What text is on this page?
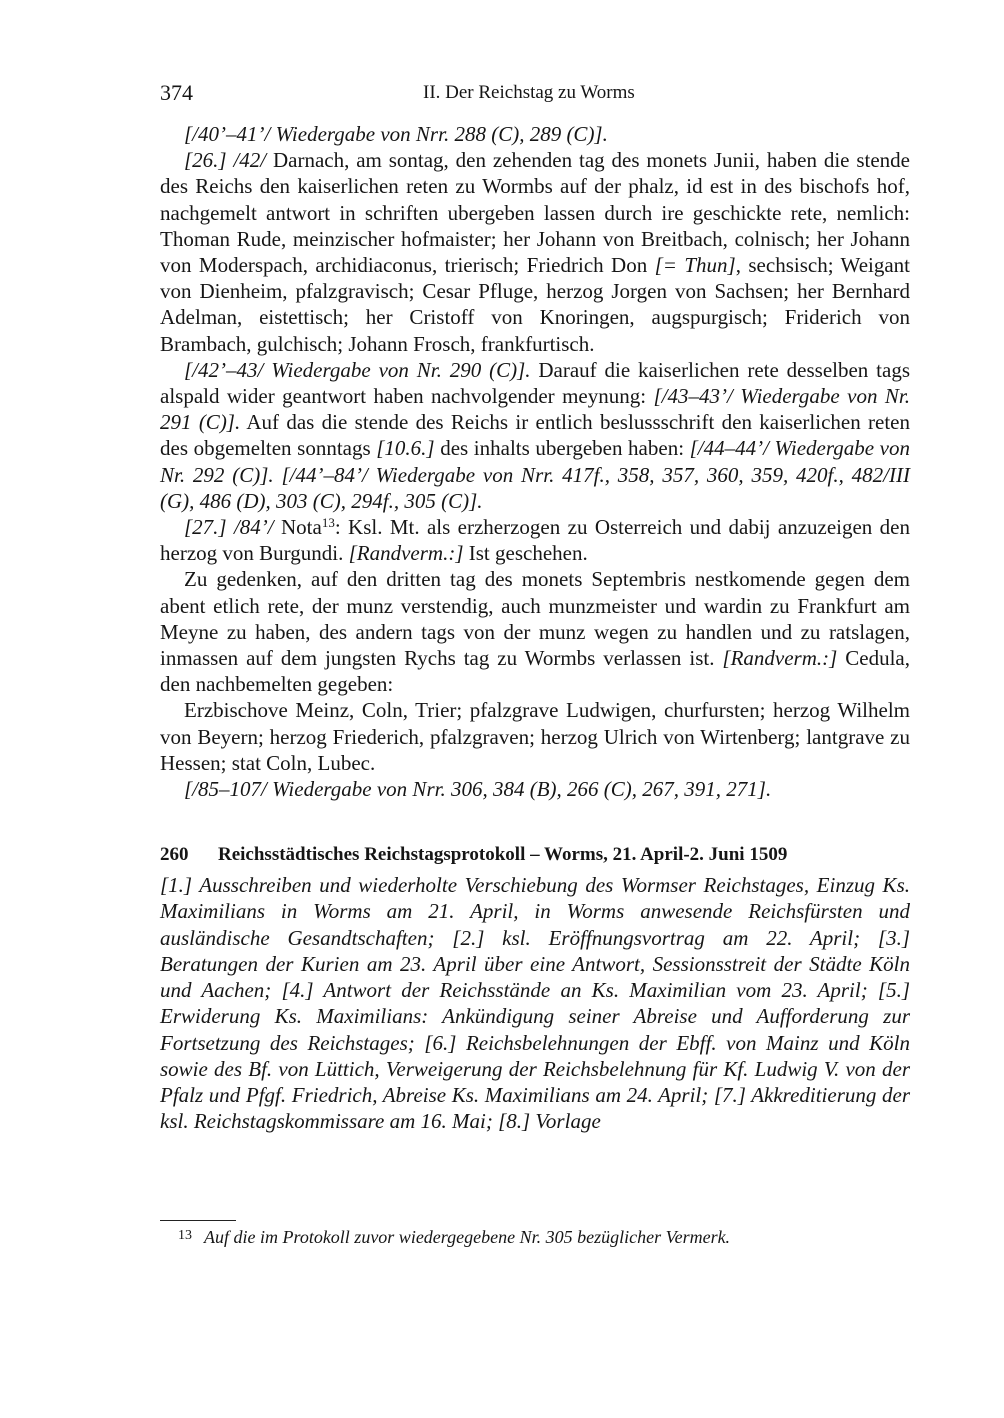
374	II. Der Reichstag zu Worms

[/40’–41’/ Wiedergabe von Nrr. 288 (C), 289 (C)].

[26.] /42/ Darnach, am sontag, den zehenden tag des monets Junii, haben die stende des Reichs den kaiserlichen reten zu Wormbs auf der phalz, id est in des bischofs hof, nachgemelt antwort in schriften ubergeben lassen durch ire geschickte rete, nemlich: Thoman Rude, meinzischer hofmaister; her Johann von Breitbach, colnisch; her Johann von Moderspach, archidiaconus, trierisch; Friedrich Don [= Thun], sechsisch; Weigant von Dienheim, pfalzgravisch; Cesar Pfluge, herzog Jorgen von Sachsen; her Bernhard Adelman, eistettisch; her Cristoff von Knoringen, augspurgisch; Friderich von Brambach, gulchisch; Johann Frosch, frankfurtisch.

[/42’–43/ Wiedergabe von Nr. 290 (C)]. Darauf die kaiserlichen rete desselben tags alspald wider geantwort haben nachvolgender meynung: [/43–43’/ Wiedergabe von Nr. 291 (C)]. Auf das die stende des Reichs ir entlich beslussschrift den kaiserlichen reten des obgemelten sonntags [10.6.] des inhalts ubergeben haben: [/44–44’/ Wiedergabe von Nr. 292 (C)]. [/44’–84’/ Wiedergabe von Nrr. 417f., 358, 357, 360, 359, 420f., 482/III (G), 486 (D), 303 (C), 294f., 305 (C)].

[27.] /84’/ Nota$^{13}$: Ksl. Mt. als erzherzogen zu Osterreich und dabij anzuzeigen den herzog von Burgundi. [Randverm.:] Ist geschehen.

Zu gedenken, auf den dritten tag des monets Septembris nestkomende gegen dem abent etlich rete, der munz verstendig, auch munzmeister und wardin zu Frankfurt am Meyne zu haben, des andern tags von der munz wegen zu handlen und zu ratslagen, inmassen auf dem jungsten Rychs tag zu Wormbs verlassen ist. [Randverm.:] Cedula, den nachbemelten gegeben:

Erzbischove Meinz, Coln, Trier; pfalzgrave Ludwigen, churfursten; herzog Wilhelm von Beyern; herzog Friederich, pfalzgraven; herzog Ulrich von Wirtenberg; lantgrave zu Hessen; stat Coln, Lubec.

[/85–107/ Wiedergabe von Nrr. 306, 384 (B), 266 (C), 267, 391, 271].

260 Reichsstädtisches Reichstagsprotokoll – Worms, 21. April-2. Juni 1509

[1.] Ausschreiben und wiederholte Verschiebung des Wormser Reichstages, Einzug Ks. Maximilians in Worms am 21. April, in Worms anwesende Reichsfürsten und ausländische Gesandtschaften; [2.] ksl. Eröffnungsvortrag am 22. April; [3.] Beratungen der Kurien am 23. April über eine Antwort, Sessionsstreit der Städte Köln und Aachen; [4.] Antwort der Reichsstände an Ks. Maximilian vom 23. April; [5.] Erwiderung Ks. Maximilians: Ankündigung seiner Abreise und Aufforderung zur Fortsetzung des Reichstages; [6.] Reichsbelehnungen der Ebff. von Mainz und Köln sowie des Bf. von Lüttich, Verweigerung der Reichsbelehnung für Kf. Ludwig V. von der Pfalz und Pfgf. Friedrich, Abreise Ks. Maximilians am 24. April; [7.] Akkreditierung der ksl. Reichstagskommissare am 16. Mai; [8.] Vorlage

$^{13}$ Auf die im Protokoll zuvor wiedergegebene Nr. 305 bezüglicher Vermerk.
